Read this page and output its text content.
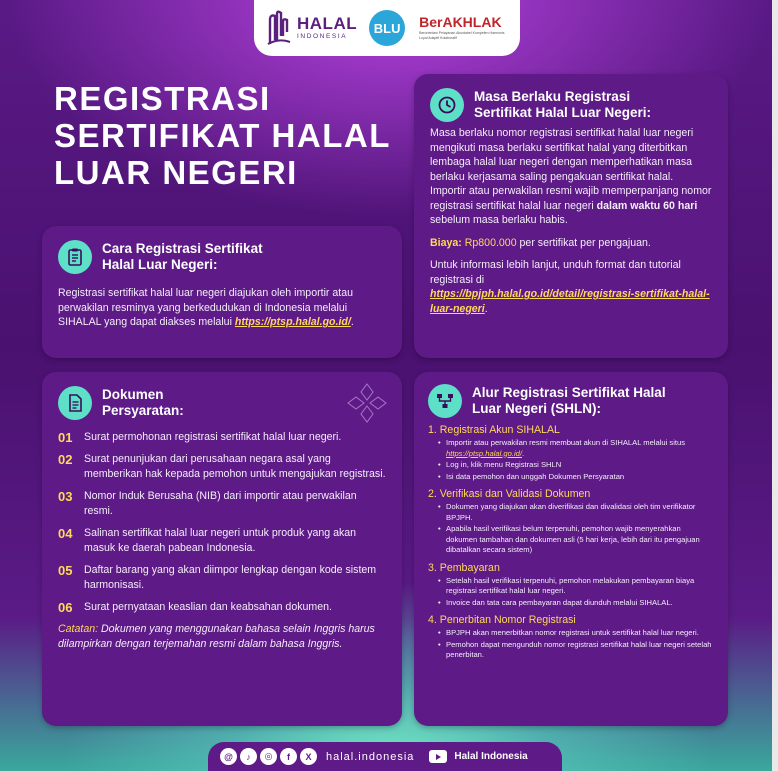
HALAL
INDONESIA
BLU	BerAKHLAK
Berorientasi Pelayanan Akuntabel Kompeten Harmonis Loyal Adaptif Kolaboratif
REGISTRASI
SERTIFIKAT HALAL
LUAR NEGERI
Cara Registrasi Sertifikat
Halal Luar Negeri:

Registrasi sertifikat halal luar negeri diajukan oleh importir atau perwakilan resminya yang berkedudukan di Indonesia melalui SIHALAL yang dapat diakses melalui https://ptsp.halal.go.id/.

Masa Berlaku Registrasi
Sertifikat Halal Luar Negeri:

Masa berlaku nomor registrasi sertifikat halal luar negeri mengikuti masa berlaku sertifikat halal yang diterbitkan lembaga halal luar negeri dengan memperhatikan masa berlaku kerjasama saling pengakuan sertifikat halal. Importir atau perwakilan resmi wajib memperpanjang nomor registrasi sertifikat halal luar negeri dalam waktu 60 hari sebelum masa berlaku habis.

Biaya: Rp800.000 per sertifikat per pengajuan.

Untuk informasi lebih lanjut, unduh format dan tutorial registrasi di
https://bpjph.halal.go.id/detail/registrasi-sertifikat-halal-luar-negeri.

Dokumen
Persyaratan:
01	Surat permohonan registrasi sertifikat halal luar negeri.
02	Surat penunjukan dari perusahaan negara asal yang memberikan hak kepada pemohon untuk mengajukan registrasi.
03	Nomor Induk Berusaha (NIB) dari importir atau perwakilan resmi.
04	Salinan sertifikat halal luar negeri untuk produk yang akan masuk ke daerah pabean Indonesia.
05	Daftar barang yang akan diimpor lengkap dengan kode sistem harmonisasi.
06	Surat pernyataan keaslian dan keabsahan dokumen.

Catatan: Dokumen yang menggunakan bahasa selain Inggris harus dilampirkan dengan terjemahan resmi dalam bahasa Inggris.

Alur Registrasi Sertifikat Halal
Luar Negeri (SHLN):
1. Registrasi Akun SIHALAL
• Importir atau perwakilan resmi membuat akun di SIHALAL melalui situs https://ptsp.halal.go.id/.
• Log in, klik menu Registrasi SHLN
• Isi data pemohon dan unggah Dokumen Persyaratan
2. Verifikasi dan Validasi Dokumen
• Dokumen yang diajukan akan diverifikasi dan divalidasi oleh tim verifikator BPJPH.
• Apabila hasil verifikasi belum terpenuhi, pemohon wajib menyerahkan dokumen tambahan dan dokumen asli (5 hari kerja, lebih dari itu pengajuan dibatalkan secara sistem)
3. Pembayaran
• Setelah hasil verifikasi terpenuhi, pemohon melakukan pembayaran biaya registrasi sertifikat halal luar negeri.
• Invoice dan tata cara pembayaran dapat diunduh melalui SIHALAL.
4. Penerbitan Nomor Registrasi
• BPJPH akan menerbitkan nomor registrasi untuk sertifikat halal luar negeri.
• Pemohon dapat mengunduh nomor registrasi sertifikat halal luar negeri setelah penerbitan.
@	♪	◎	f	X	halal.indonesia	Halal Indonesia
